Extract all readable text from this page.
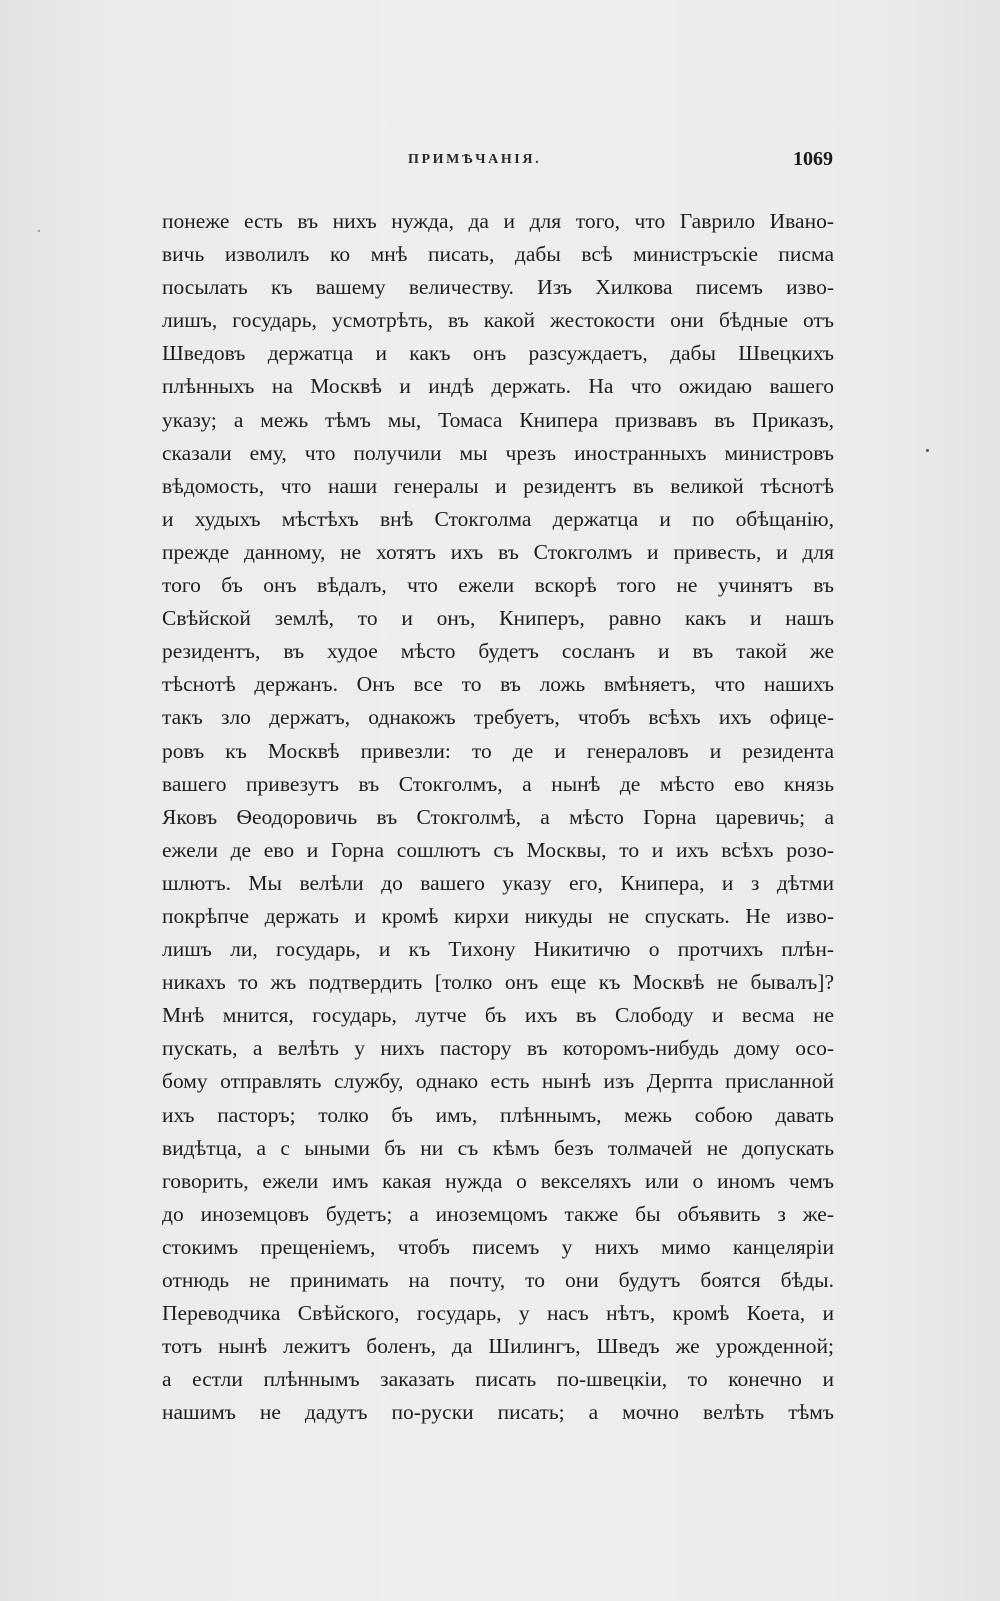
ПРИМѢЧАНІЯ.	1069
понеже есть въ нихъ нужда, да и для того, что Гаврило Ивано-
вичь изволилъ ко мнѣ писать, дабы всѣ министръскіе писма
посылать къ вашему величеству. Изъ Хилкова писемъ изво-
лишъ, государь, усмотрѣть, въ какой жестокости они бѣдные отъ
Шведовъ держатца и какъ онъ разсуждаетъ, дабы Швецкихъ
плѣнныхъ на Москвѣ и индѣ держать. На что ожидаю вашего
указу; а межь тѣмъ мы, Томаса Книпера призвавъ въ Приказъ,
сказали ему, что получили мы чрезъ иностранныхъ министровъ
вѣдомость, что наши генералы и резидентъ въ великой тѣснотѣ
и худыхъ мѣстѣхъ внѣ Стокголма держатца и по обѣщанію,
прежде данному, не хотятъ ихъ въ Стокголмъ и привесть, и для
того бъ онъ вѣдалъ, что ежели вскорѣ того не учинятъ въ
Свѣйской землѣ, то и онъ, Книперъ, равно какъ и нашъ
резидентъ, въ худое мѣсто будетъ сосланъ и въ такой же
тѣснотѣ держанъ. Онъ все то въ ложь вмѣняетъ, что нашихъ
такъ зло держатъ, однакожъ требуетъ, чтобъ всѣхъ ихъ офице-
ровъ къ Москвѣ привезли: то де и генераловъ и резидента
вашего привезутъ въ Стокголмъ, а нынѣ де мѣсто ево князь
Яковъ Ѳеодоровичь въ Стокголмѣ, а мѣсто Горна царевичь; а
ежели де ево и Горна сошлютъ съ Москвы, то и ихъ всѣхъ розо-
шлютъ. Мы велѣли до вашего указу его, Книпера, и з дѣтми
покрѣпче держать и кромѣ кирхи никуды не спускать. Не изво-
лишъ ли, государь, и къ Тихону Никитичю о протчихъ плѣн-
никахъ то жъ подтвердить [толко онъ еще къ Москвѣ не бывалъ]?
Мнѣ мнится, государь, лутче бъ ихъ въ Слободу и весма не
пускать, а велѣть у нихъ пастору въ которомъ-нибудь дому осо-
бому отправлять службу, однако есть нынѣ изъ Дерпта присланной
ихъ пасторъ; толко бъ имъ, плѣннымъ, межь собою давать
видѣтца, а с ыными бъ ни съ кѣмъ безъ толмачей не допускать
говорить, ежели имъ какая нужда о векселяхъ или о иномъ чемъ
до иноземцовъ будетъ; а иноземцомъ также бы объявить з же-
стокимъ прещеніемъ, чтобъ писемъ у нихъ мимо канцеляріи
отнюдь не принимать на почту, то они будутъ боятся бѣды.
Переводчика Свѣйского, государь, у насъ нѣтъ, кромѣ Коета, и
тотъ нынѣ лежитъ боленъ, да Шилингъ, Шведъ же урожденной;
а естли плѣннымъ заказать писать по-швецкіи, то конечно и
нашимъ не дадутъ по-руски писать; а мочно велѣть тѣмъ
